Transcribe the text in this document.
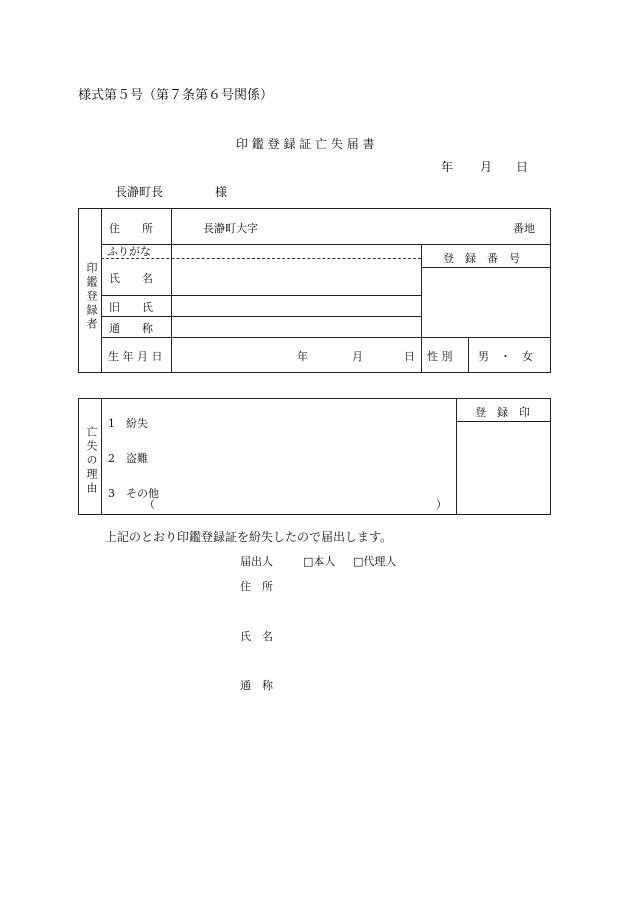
様式第５号（第７条第６号関係）
印 鑑 登 録 証 亡 失 届 書
年 月 日
長瀞町長	様
印鑑登録者
住　　所	長瀞町大字	番地
ふりがな
登　録　番　号
氏　　名
旧　　氏
通　　称
生 年 月 日	年	月	日 性 別 男　・　女
亡失の理由
1　紛失
2　盗難
3　その他
（	）
登　録　印
上記のとおり印鑑登録証を紛失したので届出します。
届出人	□本人 □代理人
住　所
氏　名
通　称
